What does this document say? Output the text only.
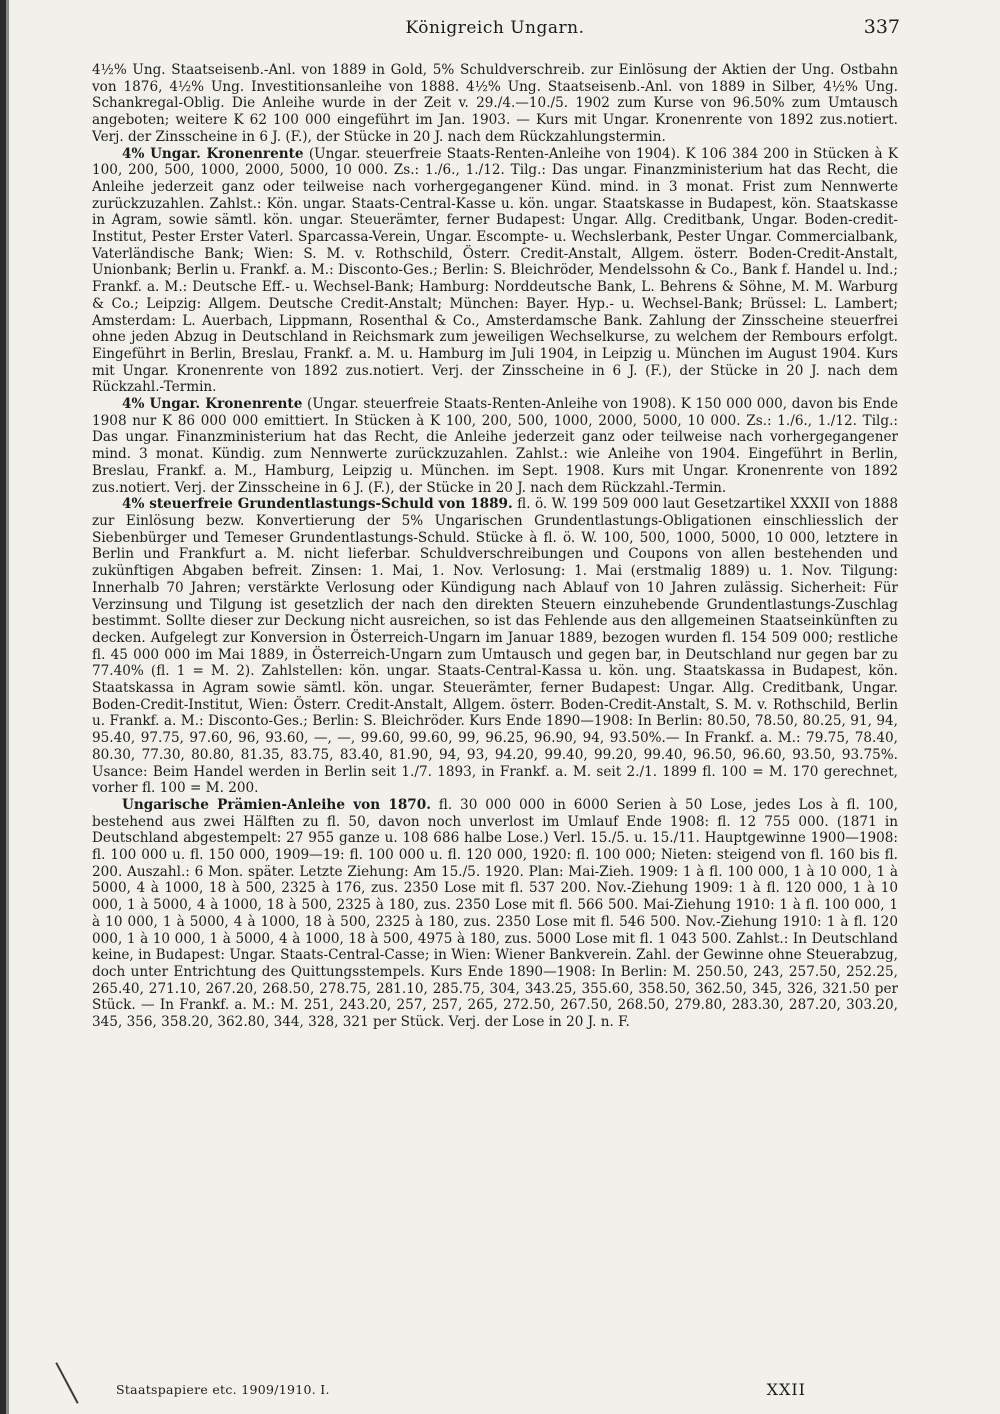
Königreich Ungarn.	337

4½% Ung. Staatseisenb.-Anl. von 1889 in Gold, 5% Schuldverschreib. zur Einlösung der Aktien der Ung. Ostbahn von 1876, 4½% Ung. Investitionsanleihe von 1888. 4½% Ung. Staatseisenb.-Anl. von 1889 in Silber, 4½% Ung. Schankregal-Oblig. Die Anleihe wurde in der Zeit v. 29./4.—10./5. 1902 zum Kurse von 96.50% zum Umtausch angeboten; weitere K 62 100 000 eingeführt im Jan. 1903. — Kurs mit Ungar. Kronenrente von 1892 zus.notiert. Verj. der Zinsscheine in 6 J. (F.), der Stücke in 20 J. nach dem Rückzahlungstermin.

4% Ungar. Kronenrente (Ungar. steuerfreie Staats-Renten-Anleihe von 1904). K 106 384 200 in Stücken à K 100, 200, 500, 1000, 2000, 5000, 10 000. Zs.: 1./6., 1./12. Tilg.: Das ungar. Finanzministerium hat das Recht, die Anleihe jederzeit ganz oder teilweise nach vorhergegangener Künd. mind. in 3 monat. Frist zum Nennwerte zurückzuzahlen. Zahlst.: Kön. ungar. Staats-Central-Kasse u. kön. ungar. Staatskasse in Budapest, kön. Staatskasse in Agram, sowie sämtl. kön. ungar. Steuerämter, ferner Budapest: Ungar. Allg. Creditbank, Ungar. Boden-credit-Institut, Pester Erster Vaterl. Sparcassa-Verein, Ungar. Escompte- u. Wechslerbank, Pester Ungar. Commercialbank, Vaterländische Bank; Wien: S. M. v. Rothschild, Österr. Credit-Anstalt, Allgem. österr. Boden-Credit-Anstalt, Unionbank; Berlin u. Frankf. a. M.: Disconto-Ges.; Berlin: S. Bleichröder, Mendelssohn & Co., Bank f. Handel u. Ind.; Frankf. a. M.: Deutsche Eff.- u. Wechsel-Bank; Hamburg: Norddeutsche Bank, L. Behrens & Söhne, M. M. Warburg & Co.; Leipzig: Allgem. Deutsche Credit-Anstalt; München: Bayer. Hyp.- u. Wechsel-Bank; Brüssel: L. Lambert; Amsterdam: L. Auerbach, Lippmann, Rosenthal & Co., Amsterdamsche Bank. Zahlung der Zinsscheine steuerfrei ohne jeden Abzug in Deutschland in Reichsmark zum jeweiligen Wechselkurse, zu welchem der Rembours erfolgt. Eingeführt in Berlin, Breslau, Frankf. a. M. u. Hamburg im Juli 1904, in Leipzig u. München im August 1904. Kurs mit Ungar. Kronenrente von 1892 zus.notiert. Verj. der Zinsscheine in 6 J. (F.), der Stücke in 20 J. nach dem Rückzahl.-Termin.

4% Ungar. Kronenrente (Ungar. steuerfreie Staats-Renten-Anleihe von 1908). K 150 000 000, davon bis Ende 1908 nur K 86 000 000 emittiert. In Stücken à K 100, 200, 500, 1000, 2000, 5000, 10 000. Zs.: 1./6., 1./12. Tilg.: Das ungar. Finanzministerium hat das Recht, die Anleihe jederzeit ganz oder teilweise nach vorhergegangener mind. 3 monat. Kündig. zum Nennwerte zurückzuzahlen. Zahlst.: wie Anleihe von 1904. Eingeführt in Berlin, Breslau, Frankf. a. M., Hamburg, Leipzig u. München. im Sept. 1908. Kurs mit Ungar. Kronenrente von 1892 zus.notiert. Verj. der Zinsscheine in 6 J. (F.), der Stücke in 20 J. nach dem Rückzahl.-Termin.

4% steuerfreie Grundentlastungs-Schuld von 1889. fl. ö. W. 199 509 000 laut Gesetzartikel XXXII von 1888 zur Einlösung bezw. Konvertierung der 5% Ungarischen Grundentlastungs-Obligationen einschliesslich der Siebenbürger und Temeser Grundentlastungs-Schuld. Stücke à fl. ö. W. 100, 500, 1000, 5000, 10 000, letztere in Berlin und Frankfurt a. M. nicht lieferbar. Schuldverschreibungen und Coupons von allen bestehenden und zukünftigen Abgaben befreit. Zinsen: 1. Mai, 1. Nov. Verlosung: 1. Mai (erstmalig 1889) u. 1. Nov. Tilgung: Innerhalb 70 Jahren; verstärkte Verlosung oder Kündigung nach Ablauf von 10 Jahren zulässig. Sicherheit: Für Verzinsung und Tilgung ist gesetzlich der nach den direkten Steuern einzuhebende Grundentlastungs-Zuschlag bestimmt. Sollte dieser zur Deckung nicht ausreichen, so ist das Fehlende aus den allgemeinen Staatseinkünften zu decken. Aufgelegt zur Konversion in Österreich-Ungarn im Januar 1889, bezogen wurden fl. 154 509 000; restliche fl. 45 000 000 im Mai 1889, in Österreich-Ungarn zum Umtausch und gegen bar, in Deutschland nur gegen bar zu 77.40% (fl. 1 = M. 2). Zahlstellen: kön. ungar. Staats-Central-Kassa u. kön. ung. Staatskassa in Budapest, kön. Staatskassa in Agram sowie sämtl. kön. ungar. Steuerämter, ferner Budapest: Ungar. Allg. Creditbank, Ungar. Boden-Credit-Institut, Wien: Österr. Credit-Anstalt, Allgem. österr. Boden-Credit-Anstalt, S. M. v. Rothschild, Berlin u. Frankf. a. M.: Disconto-Ges.; Berlin: S. Bleichröder. Kurs Ende 1890—1908: In Berlin: 80.50, 78.50, 80.25, 91, 94, 95.40, 97.75, 97.60, 96, 93.60, —, —, 99.60, 99.60, 99, 96.25, 96.90, 94, 93.50%.— In Frankf. a. M.: 79.75, 78.40, 80.30, 77.30, 80.80, 81.35, 83.75, 83.40, 81.90, 94, 93, 94.20, 99.40, 99.20, 99.40, 96.50, 96.60, 93.50, 93.75%. Usance: Beim Handel werden in Berlin seit 1./7. 1893, in Frankf. a. M. seit 2./1. 1899 fl. 100 = M. 170 gerechnet, vorher fl. 100 = M. 200.

Ungarische Prämien-Anleihe von 1870. fl. 30 000 000 in 6000 Serien à 50 Lose, jedes Los à fl. 100, bestehend aus zwei Hälften zu fl. 50, davon noch unverlost im Umlauf Ende 1908: fl. 12 755 000. (1871 in Deutschland abgestempelt: 27 955 ganze u. 108 686 halbe Lose.) Verl. 15./5. u. 15./11. Hauptgewinne 1900—1908: fl. 100 000 u. fl. 150 000, 1909—19: fl. 100 000 u. fl. 120 000, 1920: fl. 100 000; Nieten: steigend von fl. 160 bis fl. 200. Auszahl.: 6 Mon. später. Letzte Ziehung: Am 15./5. 1920. Plan: Mai-Zieh. 1909: 1 à fl. 100 000, 1 à 10 000, 1 à 5000, 4 à 1000, 18 à 500, 2325 à 176, zus. 2350 Lose mit fl. 537 200. Nov.-Ziehung 1909: 1 à fl. 120 000, 1 à 10 000, 1 à 5000, 4 à 1000, 18 à 500, 2325 à 180, zus. 2350 Lose mit fl. 566 500. Mai-Ziehung 1910: 1 à fl. 100 000, 1 à 10 000, 1 à 5000, 4 à 1000, 18 à 500, 2325 à 180, zus. 2350 Lose mit fl. 546 500. Nov.-Ziehung 1910: 1 à fl. 120 000, 1 à 10 000, 1 à 5000, 4 à 1000, 18 à 500, 4975 à 180, zus. 5000 Lose mit fl. 1 043 500. Zahlst.: In Deutschland keine, in Budapest: Ungar. Staats-Central-Casse; in Wien: Wiener Bankverein. Zahl. der Gewinne ohne Steuerabzug, doch unter Entrichtung des Quittungsstempels. Kurs Ende 1890—1908: In Berlin: M. 250.50, 243, 257.50, 252.25, 265.40, 271.10, 267.20, 268.50, 278.75, 281.10, 285.75, 304, 343.25, 355.60, 358.50, 362.50, 345, 326, 321.50 per Stück. — In Frankf. a. M.: M. 251, 243.20, 257, 257, 265, 272.50, 267.50, 268.50, 279.80, 283.30, 287.20, 303.20, 345, 356, 358.20, 362.80, 344, 328, 321 per Stück. Verj. der Lose in 20 J. n. F.

Staatspapiere etc. 1909/1910. I.	XXII
